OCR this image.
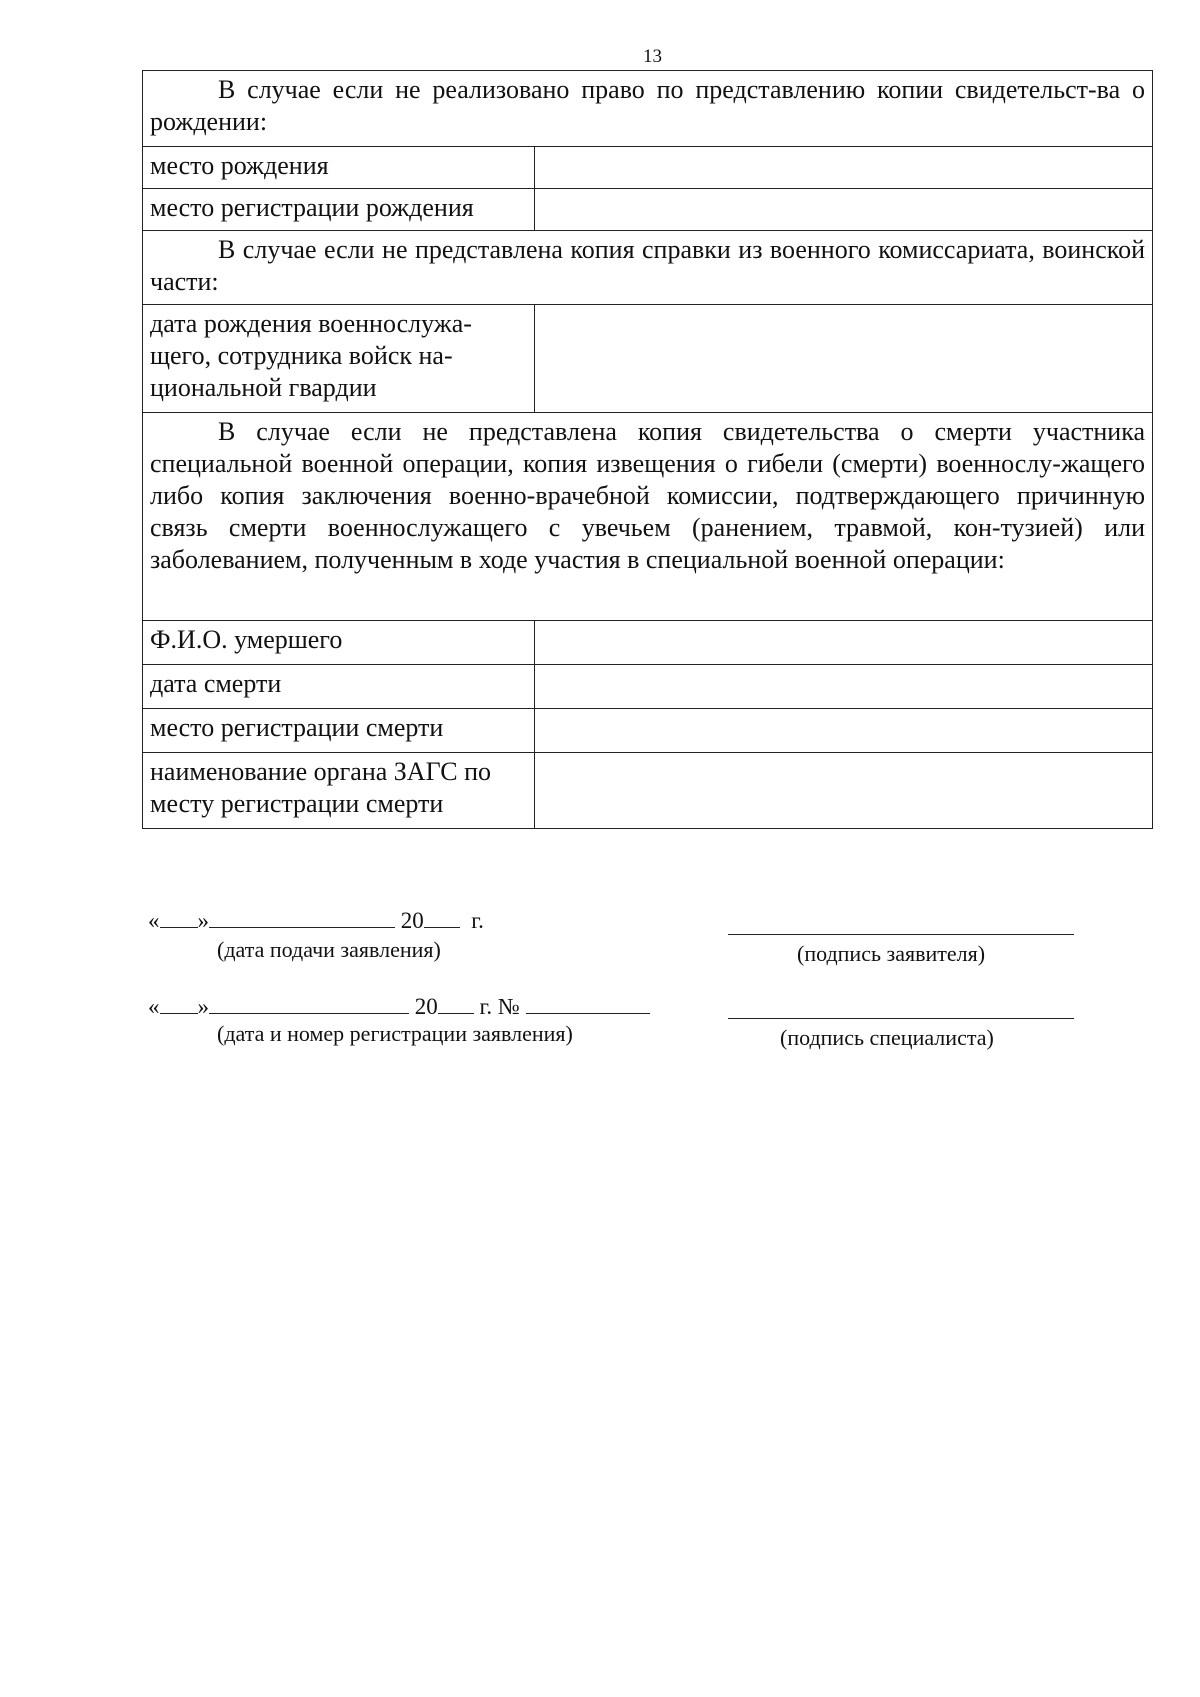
13
В случае если не реализовано право по представлению копии свидетельст-ва о рождении:	
место рождения	
место регистрации рождения	
В случае если не представлена копия справки из военного комиссариата, воинской части:	
дата рождения военнослужа-щего, сотрудника войск на-циональной гвардии	
В случае если не представлена копия свидетельства о смерти участника специальной военной операции, копия извещения о гибели (смерти) военнослу-жащего либо копия заключения военно-врачебной комиссии, подтверждающего причинную связь смерти военнослужащего с увечьем (ранением, травмой, кон-тузией) или заболеванием, полученным в ходе участия в специальной военной операции:	
Ф.И.О. умершего	
дата смерти	
место регистрации смерти	
наименование органа ЗАГС по месту регистрации смерти	
« »	20 г.
(дата подачи заявления)	(подпись заявителя)
« »	20 г. №
(дата и номер регистрации заявления)	(подпись специалиста)
